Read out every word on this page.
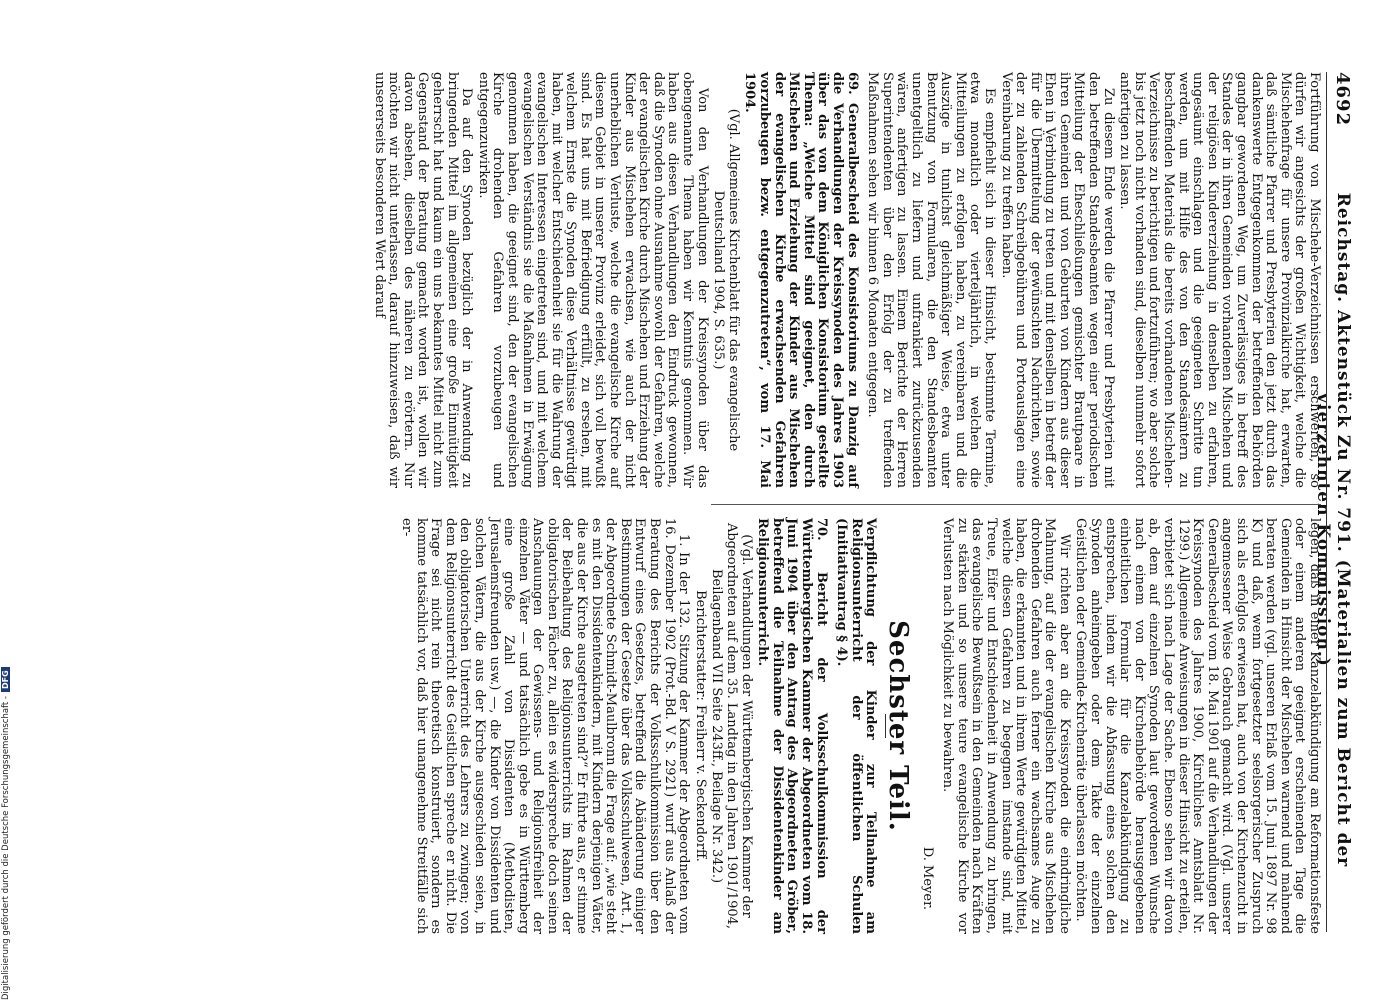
4692
Reichstag. Aktenstück Zu Nr. 791. (Materialien zum Bericht der vierzehnten Kommission.)

Fortführung von Mischehe-Verzeichnissen erschwerten, so dürfen wir angesichts der großen Wichtigkeit, welche die Mischehenfrage für unsere Provinzialkirche hat, erwarten, daß sämtliche Pfarrer und Presbyterien den jetzt durch das dankenswerte Entgegenkommen der betreffenden Behörden gangbar gewordenen Weg, um Zuverlässiges in betreff des Standes der in ihren Gemeinden vorhandenen Mischehen und der religiösen Kindererziehung in denselben zu erfahren, ungesäumt einschlagen und die geeigneten Schritte tun werden, um mit Hilfe des von den Standesämtern zu beschaffenden Materials die bereits vorhandenen Mischehen-Verzeichnisse zu berichtigen und fortzuführen; wo aber solche bis jetzt noch nicht vorhanden sind, dieselben nunmehr sofort anfertigen zu lassen.

Zu diesem Ende werden die Pfarrer und Presbyterien mit den betreffenden Standesbeamten wegen einer periodischen Mitteilung der Eheschließungen gemischter Brautpaare in ihren Gemeinden und von Geburten von Kindern aus dieser Ehen in Verbindung zu treten und mit denselben in betreff der für die Übermittelung der gewünschten Nachrichten, sowie der zu zahlenden Schreibgebühren und Portoauslagen eine Vereinbarung zu treffen haben.

Es empfiehlt sich in dieser Hinsicht, bestimmte Termine, etwa monatlich oder vierteljährlich, in welchen die Mitteilungen zu erfolgen haben, zu vereinbaren und die Auszüge in tunlichst gleichmäßiger Weise, etwa unter Benutzung von Formularen, die den Standesbeamten unentgeltlich zu liefern und unfrankiert zurückzusenden wären, anfertigen zu lassen. Einem Berichte der Herren Superintendenten über den Erfolg der zu treffenden Maßnahmen sehen wir binnen 6 Monaten entgegen.

69. Generalbescheid des Konsistoriums zu Danzig auf die Verhandlungen der Kreissynoden des Jahres 1903 über das von dem Königlichen Konsistorium gestellte Thema: „Welche Mittel sind geeignet, den durch Mischehen und Erziehung der Kinder aus Mischehen der evangelischen Kirche erwachsenden Gefahren vorzubeugen bezw. entgegenzutreten“, vom 17. Mai 1904.

(Vgl. Allgemeines Kirchenblatt für das evangelische Deutschland 1904, S. 635.)

Von den Verhandlungen der Kreissynoden über das obengenannte Thema haben wir Kenntnis genommen. Wir haben aus diesen Verhandlungen den Eindruck gewonnen, daß die Synoden ohne Ausnahme sowohl der Gefahren, welche der evangelischen Kirche durch Mischehen und Erziehung der Kinder aus Mischehen erwachsen, wie auch der nicht unerheblichen Verluste, welche die evangelische Kirche auf diesem Gebiet in unserer Provinz erleidet, sich voll bewußt sind. Es hat uns mit Befriedigung erfüllt, zu ersehen, mit welchem Ernste die Synoden diese Verhältnisse gewürdigt haben, mit welcher Entschiedenheit sie für die Wahrung der evangelischen Interessen eingetreten sind, und mit welchem evangelischen Verständnis sie die Maßnahmen in Erwägung genommen haben, die geeignet sind, den der evangelischen Kirche drohenden Gefahren vorzubeugen und entgegenzuwirken.

Da auf den Synoden bezüglich der in Anwendung zu bringenden Mittel im allgemeinen eine große Einmütigkeit geherrscht hat und kaum ein uns bekanntes Mittel nicht zum Gegenstand der Beratung gemacht worden ist, wollen wir davon absehen, dieselben des näheren zu erörtern. Nur möchten wir nicht unterlassen, darauf hinzuweisen, daß wir unsererseits besonderen Wert darauf

legen, daß in einer Kanzelabkündigung am Reformationsfeste oder einem anderen geeignet erscheinenden Tage die Gemeinden in Hinsicht der Mischehen warnend und mahnend beraten werden (vgl. unseren Erlaß vom 15. Juni 1897 Nr. 98 K) und daß, wenn fortgesetzter seelsorgerischer Zuspruch sich als erfolglos erwiesen hat, auch von der Kirchenzucht in angemessener Weise Gebrauch gemacht wird. (Vgl. unserer Generalbescheid vom 18. Mai 1901 auf die Verhandlungen der Kreissynoden des Jahres 1900, Kirchliches Amtsblatt Nr. 1299.) Allgemeine Anweisungen in dieser Hinsicht zu erteilen, verbietet sich nach Lage der Sache. Ebenso sehen wir davon ab, dem auf einzelnen Synoden laut gewordenen Wunsche nach einem von der Kirchenbehörde herausgegebenen einheitlichen Formular für die Kanzelabkündigung zu entsprechen, indem wir die Abfassung eines solchen den Synoden anheimgeben oder dem Takte der einzelnen Geistlichen oder Gemeinde-Kirchenräte überlassen möchten.

Wir richten aber an die Kreissynoden die eindringliche Mahnung, auf die der evangelischen Kirche aus Mischehen drohenden Gefahren auch ferner ein wachsames Auge zu haben, die erkannten und in ihrem Werte gewürdigten Mittel, welche diesen Gefahren zu begegnen imstande sind, mit Treue, Eifer und Entschiedenheit in Anwendung zu bringen, das evangelische Bewußtsein in den Gemeinden nach Kräften zu stärken und so unsere teure evangelische Kirche vor Verlusten nach Möglichkeit zu bewahren.

D. Meyer.

Sechster Teil.

Verpflichtung der Kinder zur Teilnahme am Religionsunterricht der öffentlichen Schulen (Initiativantrag § 4).

70. Bericht der Volksschulkommission der Württembergischen Kammer der Abgeordneten vom 18. Juni 1904 über den Antrag des Abgeordneten Gröber, betreffend die Teilnahme der Dissidentenkinder am Religionsunterricht.

(Vgl. Verhandlungen der Württembergischen Kammer der Abgeordneten auf dem 35. Landtag in den Jahren 1901/1904, Beilagenband VII Seite 243ff., Beilage Nr. 342.)

Berichterstatter: Freiherr v. Seckendorff.

1. In der 132. Sitzung der Kammer der Abgeordneten vom 16. Dezember 1902 (Prot.-Bd. V S. 2921) wurf aus Anlaß der Beratung des Berichts der Volksschulkommission über den Entwurf eines Gesetzes, betreffend die Abänderung einiger Bestimmungen der Gesetze über das Volksschulwesen, Art. 1, der Abgeordnete Schmidt-Maulbronn die Frage auf: „wie steht es mit den Dissidentenkindern, mit Kindern derjenigen Väter, die aus der Kirche ausgetreten sind?“ Er führte aus, er stimme der Beibehaltung des Religionsunterrichts im Rahmen der obligatorischen Fächer zu, allein es widerspreche doch seinen Anschauungen der Gewissens- und Religionsfreiheit der einzelnen Väter — und tatsächlich gebe es in Württemberg eine große Zahl von Dissidenten (Methodisten, Jerusalemsfreunden usw.) —, die Kinder von Dissidenten und solchen Vätern, die aus der Kirche ausgeschieden seien, in den obligatorischen Unterricht des Lehrers zu zwingen; von dem Religionsunterricht des Geistlichen spreche er nicht. Die Frage sei nicht rein theoretisch konstruiert, sondern es komme tatsächlich vor, daß hier unangenehme Streitfälle sich er-

Digitalisierung gefördert durch die Deutsche Forschungsgemeinschaft -DFG
